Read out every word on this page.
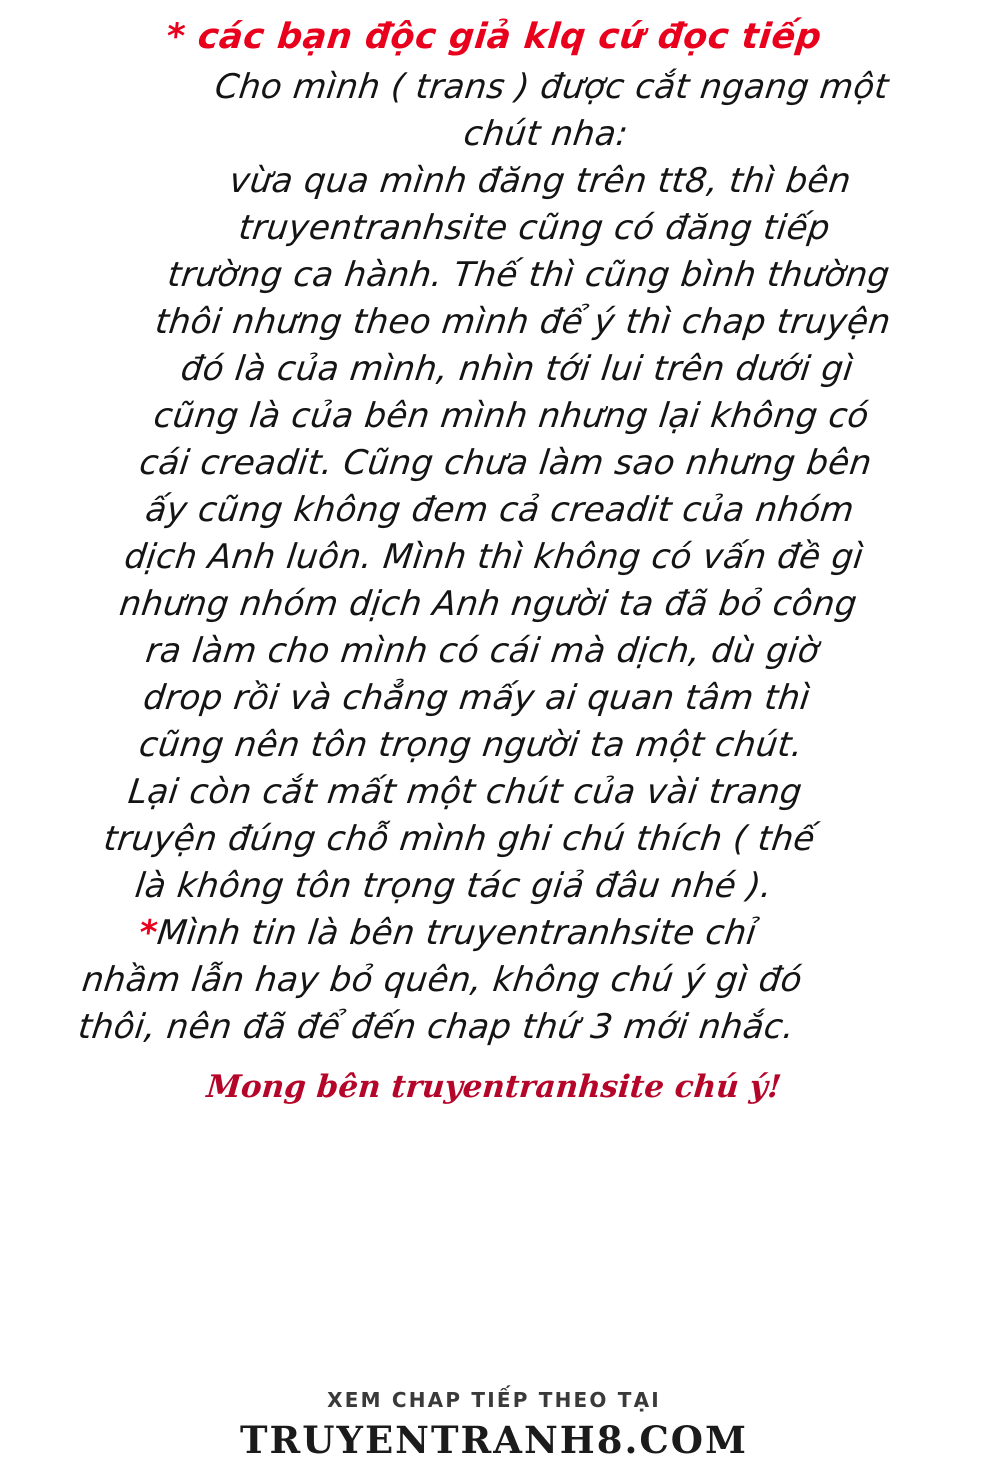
* các bạn độc giả klq cứ đọc tiếp

Cho mình ( trans ) được cắt ngang một

chút nha:

vừa qua mình đăng trên tt8, thì bên

truyentranhsite cũng có đăng tiếp

trường ca hành. Thế thì cũng bình thường

thôi nhưng theo mình để ý thì chap truyện

đó là của mình, nhìn tới lui trên dưới gì

cũng là của bên mình nhưng lại không có

cái creadit. Cũng chưa làm sao nhưng bên

ấy cũng không đem cả creadit của nhóm

dịch Anh luôn. Mình thì không có vấn đề gì

nhưng nhóm dịch Anh người ta đã bỏ công

ra làm cho mình có cái mà dịch, dù giờ

drop rồi và chẳng mấy ai quan tâm thì

cũng nên tôn trọng người ta một chút.

Lại còn cắt mất một chút của vài trang

truyện đúng chỗ mình ghi chú thích ( thế

là không tôn trọng tác giả đâu nhé ).

*Mình tin là bên truyentranhsite chỉ

nhầm lẫn hay bỏ quên, không chú ý gì đó

thôi, nên đã để đến chap thứ 3 mới nhắc.

Mong bên truyentranhsite chú ý!
XEM CHAP TIẾP THEO TẠI
TRUYENTRANH8.COM
